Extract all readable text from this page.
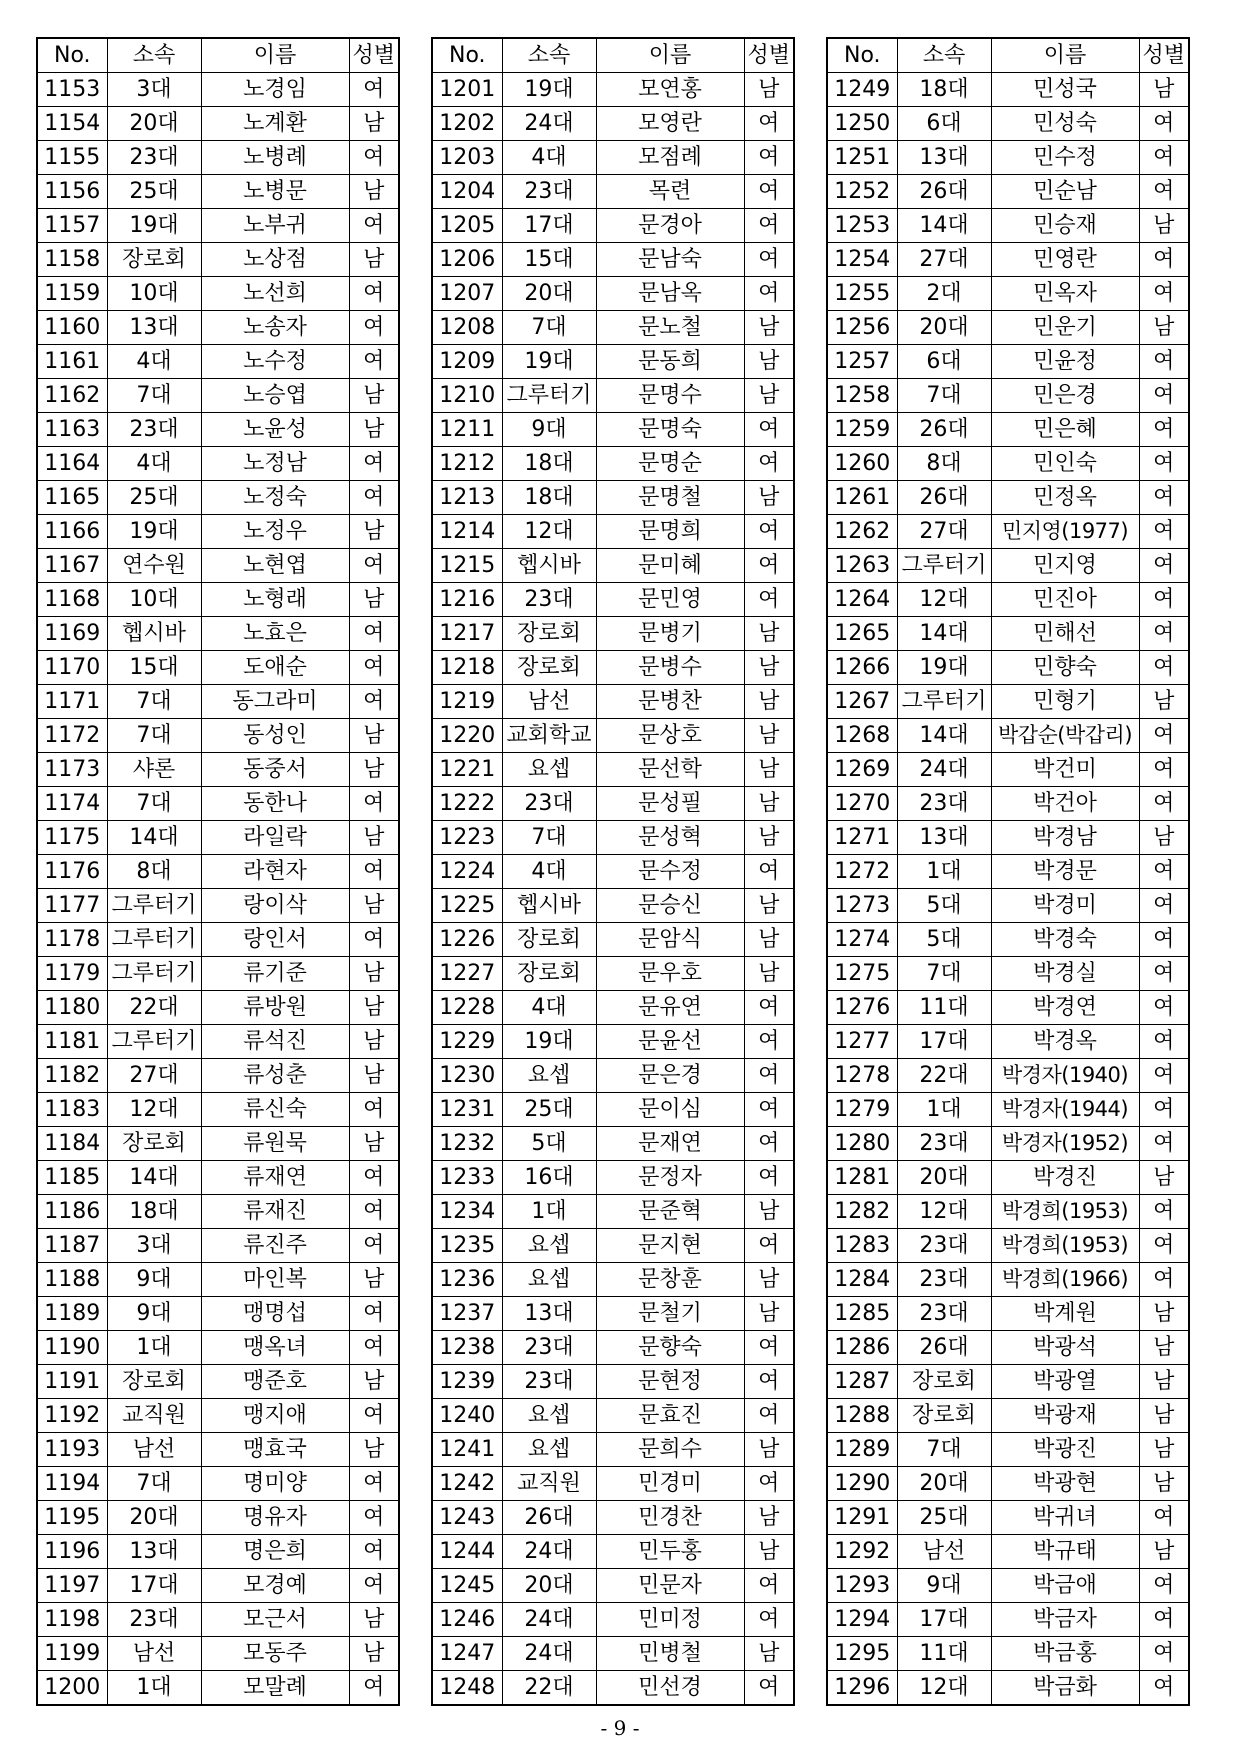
No.	소속	이름	성별
1153	3대	노경임	여
1154	20대	노계환	남
1155	23대	노병례	여
1156	25대	노병문	남
1157	19대	노부귀	여
1158	장로회	노상점	남
1159	10대	노선희	여
1160	13대	노송자	여
1161	4대	노수정	여
1162	7대	노승엽	남
1163	23대	노윤성	남
1164	4대	노정남	여
1165	25대	노정숙	여
1166	19대	노정우	남
1167	연수원	노현엽	여
1168	10대	노형래	남
1169	헵시바	노효은	여
1170	15대	도애순	여
1171	7대	동그라미	여
1172	7대	동성인	남
1173	샤론	동중서	남
1174	7대	동한나	여
1175	14대	라일락	남
1176	8대	라현자	여
1177	그루터기	랑이삭	남
1178	그루터기	랑인서	여
1179	그루터기	류기준	남
1180	22대	류방원	남
1181	그루터기	류석진	남
1182	27대	류성춘	남
1183	12대	류신숙	여
1184	장로회	류원묵	남
1185	14대	류재연	여
1186	18대	류재진	여
1187	3대	류진주	여
1188	9대	마인복	남
1189	9대	맹명섭	여
1190	1대	맹옥녀	여
1191	장로회	맹준호	남
1192	교직원	맹지애	여
1193	남선	맹효국	남
1194	7대	명미양	여
1195	20대	명유자	여
1196	13대	명은희	여
1197	17대	모경예	여
1198	23대	모근서	남
1199	남선	모동주	남
1200	1대	모말례	여
No.	소속	이름	성별
1201	19대	모연홍	남
1202	24대	모영란	여
1203	4대	모점례	여
1204	23대	목련	여
1205	17대	문경아	여
1206	15대	문남숙	여
1207	20대	문남옥	여
1208	7대	문노철	남
1209	19대	문동희	남
1210	그루터기	문명수	남
1211	9대	문명숙	여
1212	18대	문명순	여
1213	18대	문명철	남
1214	12대	문명희	여
1215	헵시바	문미혜	여
1216	23대	문민영	여
1217	장로회	문병기	남
1218	장로회	문병수	남
1219	남선	문병찬	남
1220	교회학교	문상호	남
1221	요셉	문선학	남
1222	23대	문성필	남
1223	7대	문성혁	남
1224	4대	문수정	여
1225	헵시바	문승신	남
1226	장로회	문암식	남
1227	장로회	문우호	남
1228	4대	문유연	여
1229	19대	문윤선	여
1230	요셉	문은경	여
1231	25대	문이심	여
1232	5대	문재연	여
1233	16대	문정자	여
1234	1대	문준혁	남
1235	요셉	문지현	여
1236	요셉	문창훈	남
1237	13대	문철기	남
1238	23대	문향숙	여
1239	23대	문현정	여
1240	요셉	문효진	여
1241	요셉	문희수	남
1242	교직원	민경미	여
1243	26대	민경찬	남
1244	24대	민두홍	남
1245	20대	민문자	여
1246	24대	민미정	여
1247	24대	민병철	남
1248	22대	민선경	여
No.	소속	이름	성별
1249	18대	민성국	남
1250	6대	민성숙	여
1251	13대	민수정	여
1252	26대	민순남	여
1253	14대	민승재	남
1254	27대	민영란	여
1255	2대	민옥자	여
1256	20대	민운기	남
1257	6대	민윤정	여
1258	7대	민은경	여
1259	26대	민은혜	여
1260	8대	민인숙	여
1261	26대	민정옥	여
1262	27대	민지영(1977)	여
1263	그루터기	민지영	여
1264	12대	민진아	여
1265	14대	민해선	여
1266	19대	민향숙	여
1267	그루터기	민형기	남
1268	14대	박갑순(박갑리)	여
1269	24대	박건미	여
1270	23대	박건아	여
1271	13대	박경남	남
1272	1대	박경문	여
1273	5대	박경미	여
1274	5대	박경숙	여
1275	7대	박경실	여
1276	11대	박경연	여
1277	17대	박경옥	여
1278	22대	박경자(1940)	여
1279	1대	박경자(1944)	여
1280	23대	박경자(1952)	여
1281	20대	박경진	남
1282	12대	박경희(1953)	여
1283	23대	박경희(1953)	여
1284	23대	박경희(1966)	여
1285	23대	박계원	남
1286	26대	박광석	남
1287	장로회	박광열	남
1288	장로회	박광재	남
1289	7대	박광진	남
1290	20대	박광현	남
1291	25대	박귀녀	여
1292	남선	박규태	남
1293	9대	박금애	여
1294	17대	박금자	여
1295	11대	박금홍	여
1296	12대	박금화	여
- 9 -
